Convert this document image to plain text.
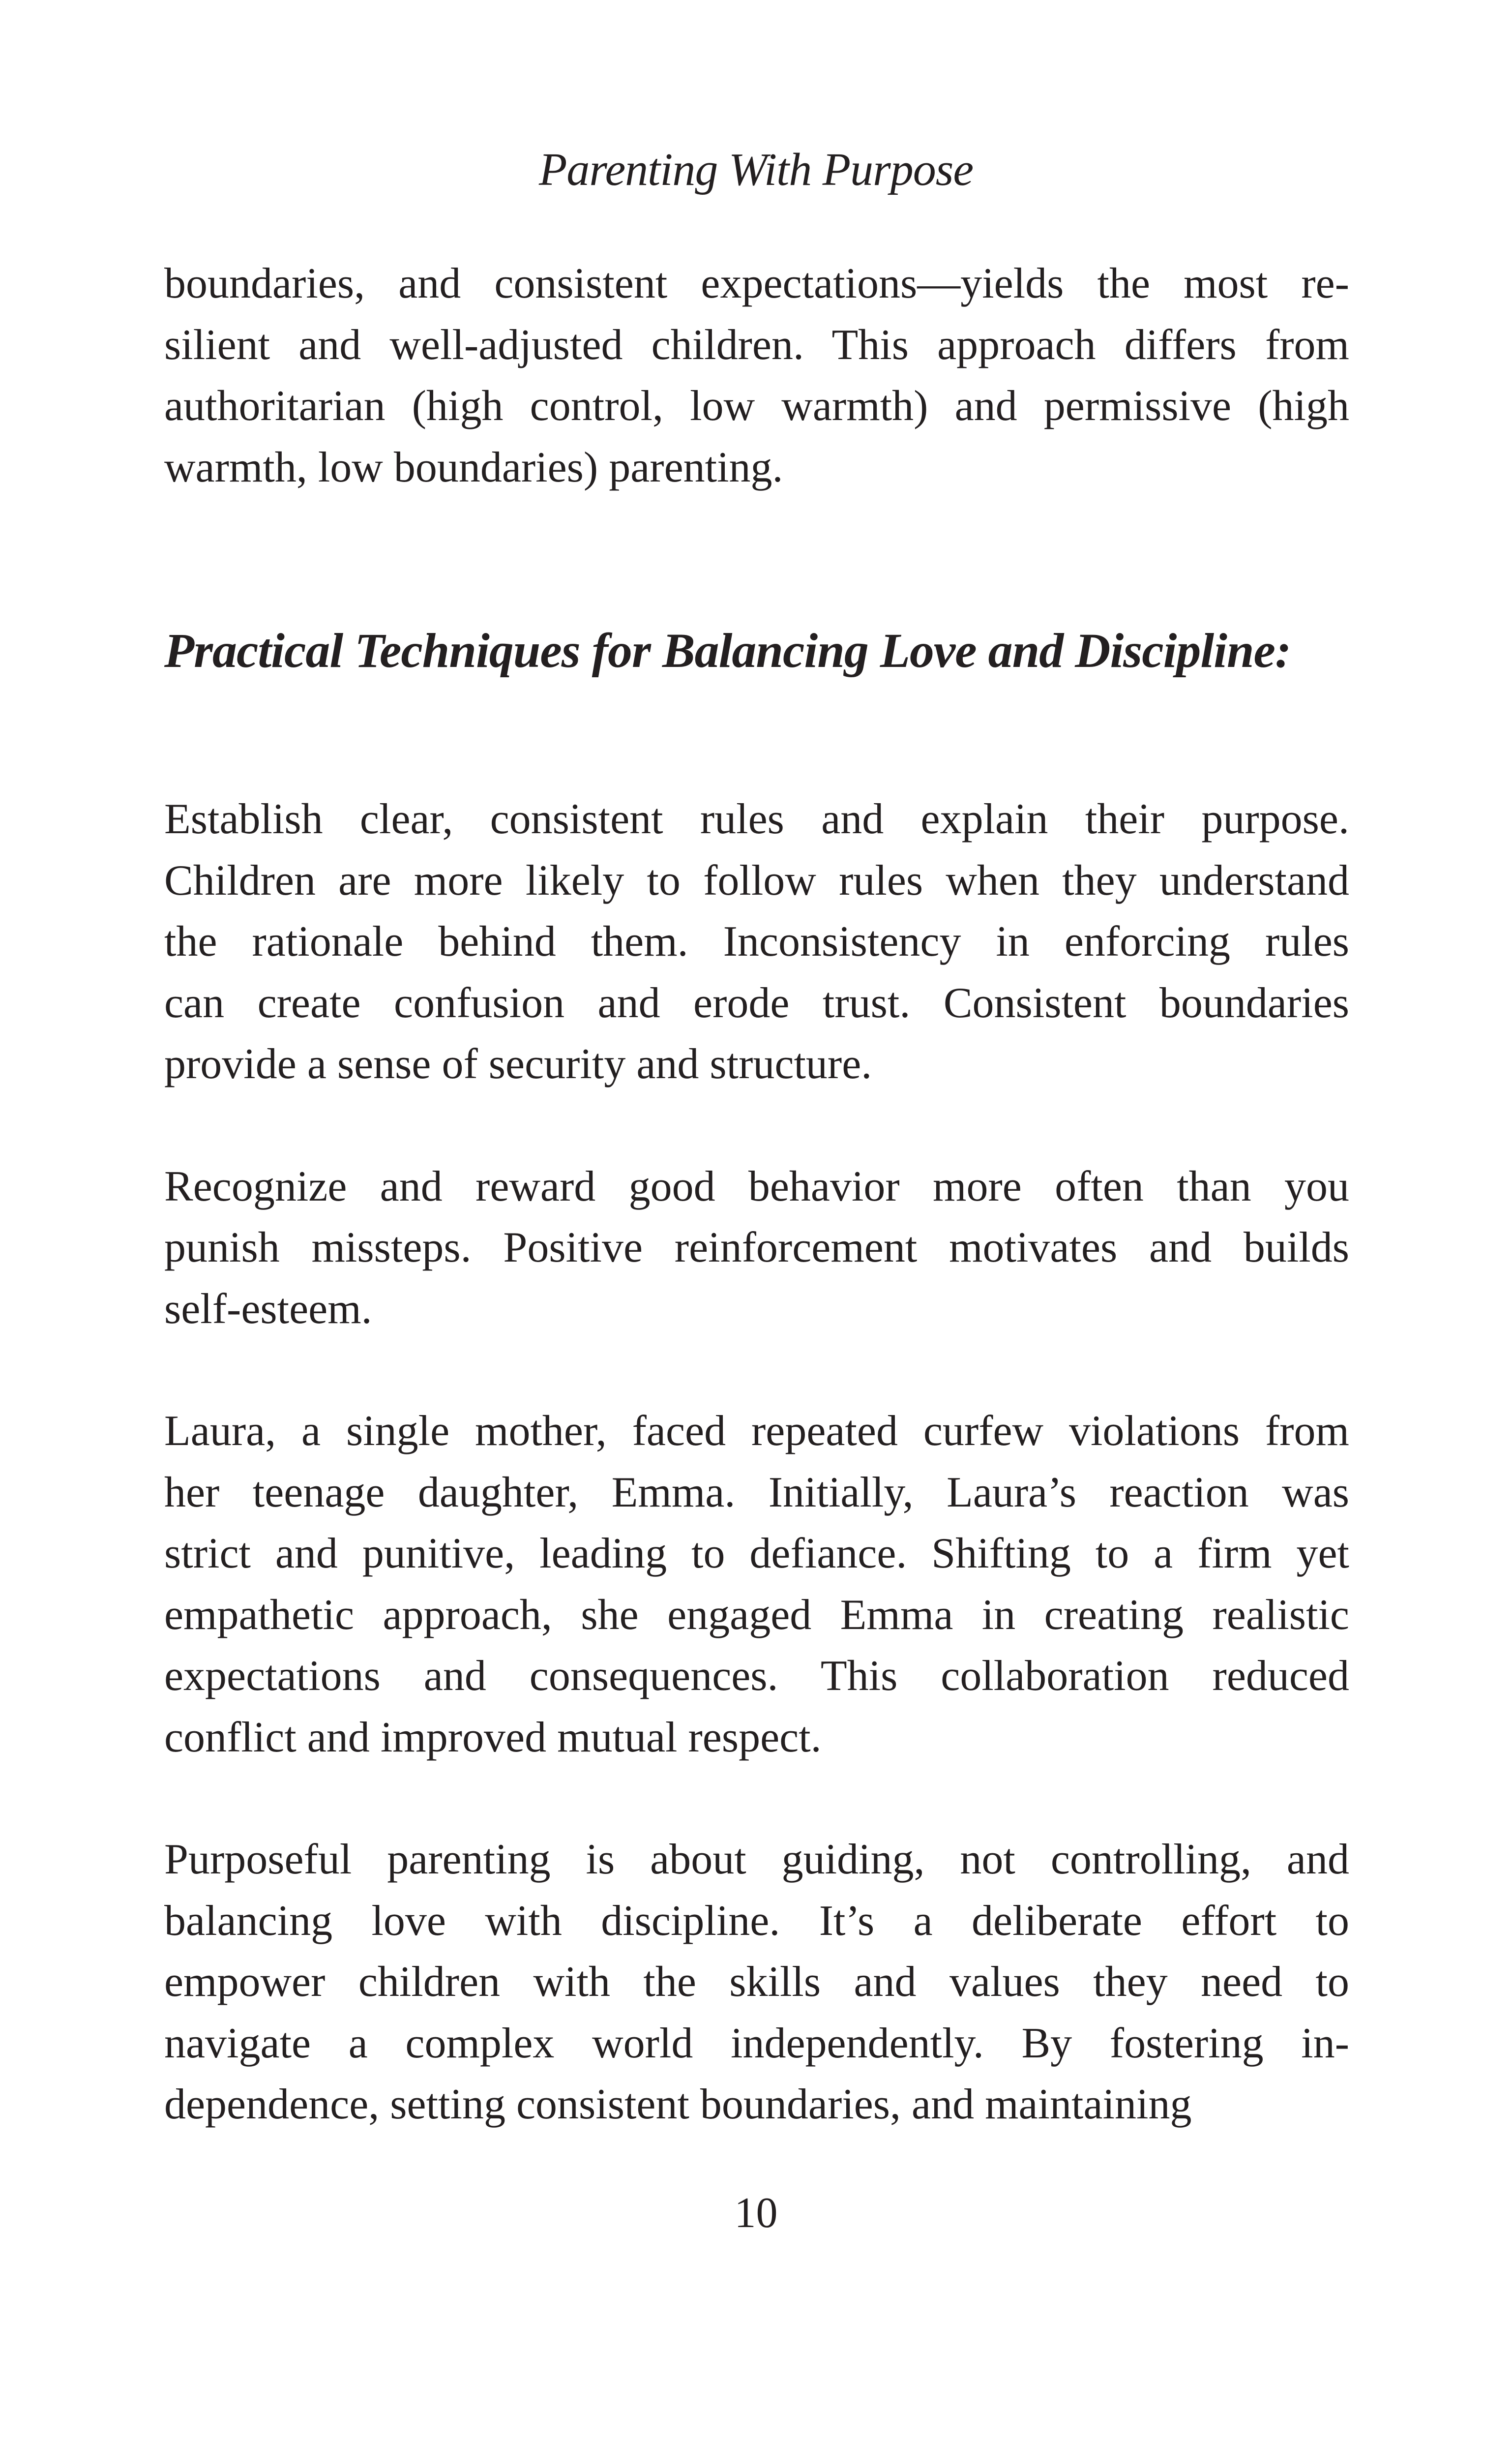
Parenting With Purpose

boundaries, and consistent expectations—yields the most re-
silient and well-adjusted children. This approach differs from
authoritarian (high control, low warmth) and permissive (high
warmth, low boundaries) parenting.

Practical Techniques for Balancing Love and Discipline:

Establish clear, consistent rules and explain their purpose.
Children are more likely to follow rules when they understand
the rationale behind them. Inconsistency in enforcing rules
can create confusion and erode trust. Consistent boundaries
provide a sense of security and structure.

Recognize and reward good behavior more often than you
punish missteps. Positive reinforcement motivates and builds
self-esteem.

Laura, a single mother, faced repeated curfew violations from
her teenage daughter, Emma. Initially, Laura’s reaction was
strict and punitive, leading to defiance. Shifting to a firm yet
empathetic approach, she engaged Emma in creating realistic
expectations and consequences. This collaboration reduced
conflict and improved mutual respect.

Purposeful parenting is about guiding, not controlling, and
balancing love with discipline. It’s a deliberate effort to
empower children with the skills and values they need to
navigate a complex world independently. By fostering in-
dependence, setting consistent boundaries, and maintaining

10
